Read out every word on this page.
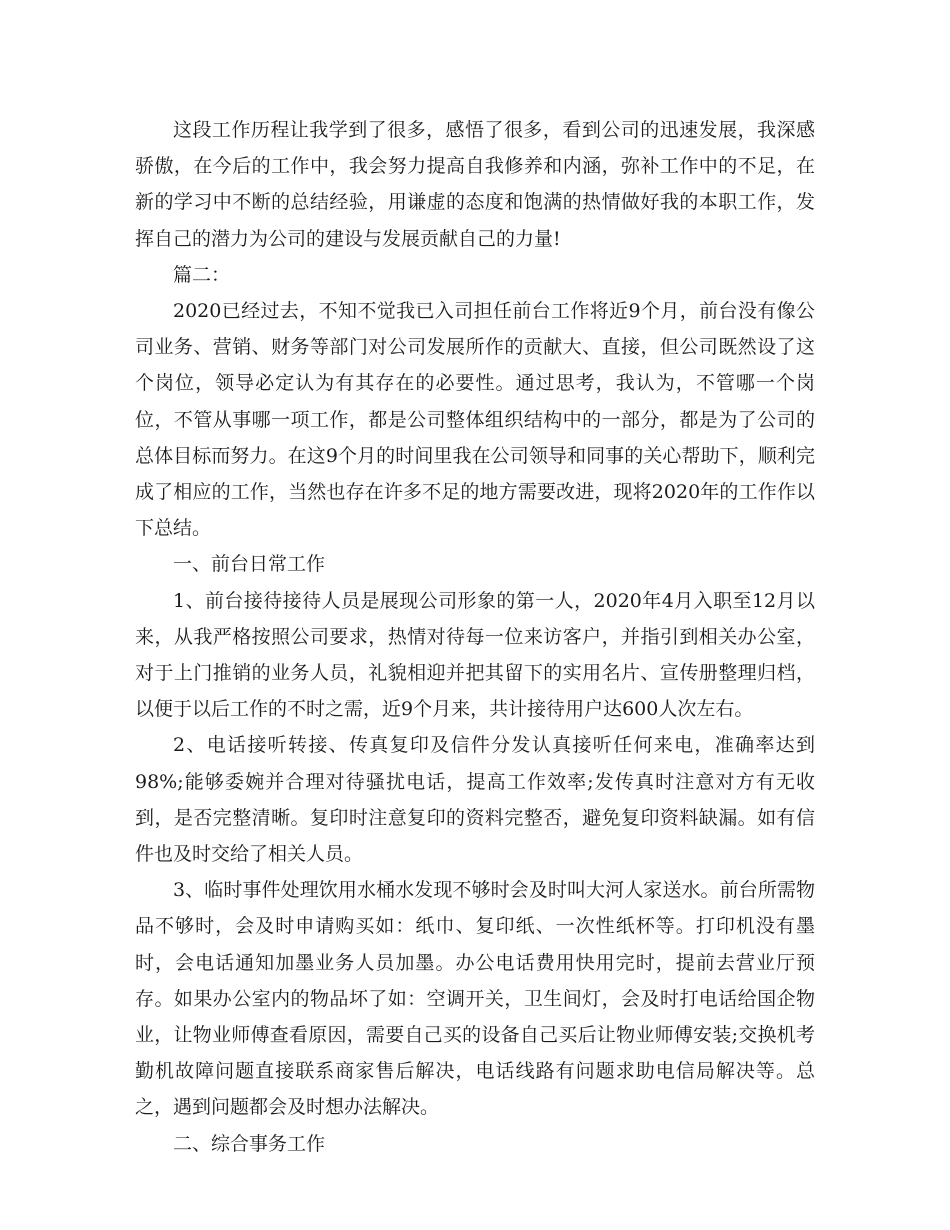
这段工作历程让我学到了很多，感悟了很多，看到公司的迅速发展，我深感骄傲，在今后的工作中，我会努力提高自我修养和内涵，弥补工作中的不足，在新的学习中不断的总结经验，用谦虚的态度和饱满的热情做好我的本职工作，发挥自己的潜力为公司的建设与发展贡献自己的力量!

篇二：

2020已经过去，不知不觉我已入司担任前台工作将近9个月，前台没有像公司业务、营销、财务等部门对公司发展所作的贡献大、直接，但公司既然设了这个岗位，领导必定认为有其存在的必要性。通过思考，我认为，不管哪一个岗位，不管从事哪一项工作，都是公司整体组织结构中的一部分，都是为了公司的总体目标而努力。在这9个月的时间里我在公司领导和同事的关心帮助下，顺利完成了相应的工作，当然也存在许多不足的地方需要改进，现将2020年的工作作以下总结。

一、前台日常工作

1、前台接待接待人员是展现公司形象的第一人，2020年4月入职至12月以来，从我严格按照公司要求，热情对待每一位来访客户，并指引到相关办公室，对于上门推销的业务人员，礼貌相迎并把其留下的实用名片、宣传册整理归档，以便于以后工作的不时之需，近9个月来，共计接待用户达600人次左右。

2、电话接听转接、传真复印及信件分发认真接听任何来电，准确率达到98%;能够委婉并合理对待骚扰电话，提高工作效率;发传真时注意对方有无收到，是否完整清晰。复印时注意复印的资料完整否，避免复印资料缺漏。如有信件也及时交给了相关人员。

3、临时事件处理饮用水桶水发现不够时会及时叫大河人家送水。前台所需物品不够时，会及时申请购买如：纸巾、复印纸、一次性纸杯等。打印机没有墨时，会电话通知加墨业务人员加墨。办公电话费用快用完时，提前去营业厅预存。如果办公室内的物品坏了如：空调开关，卫生间灯，会及时打电话给国企物业，让物业师傅查看原因，需要自己买的设备自己买后让物业师傅安装;交换机考勤机故障问题直接联系商家售后解决，电话线路有问题求助电信局解决等。总之，遇到问题都会及时想办法解决。

二、综合事务工作
